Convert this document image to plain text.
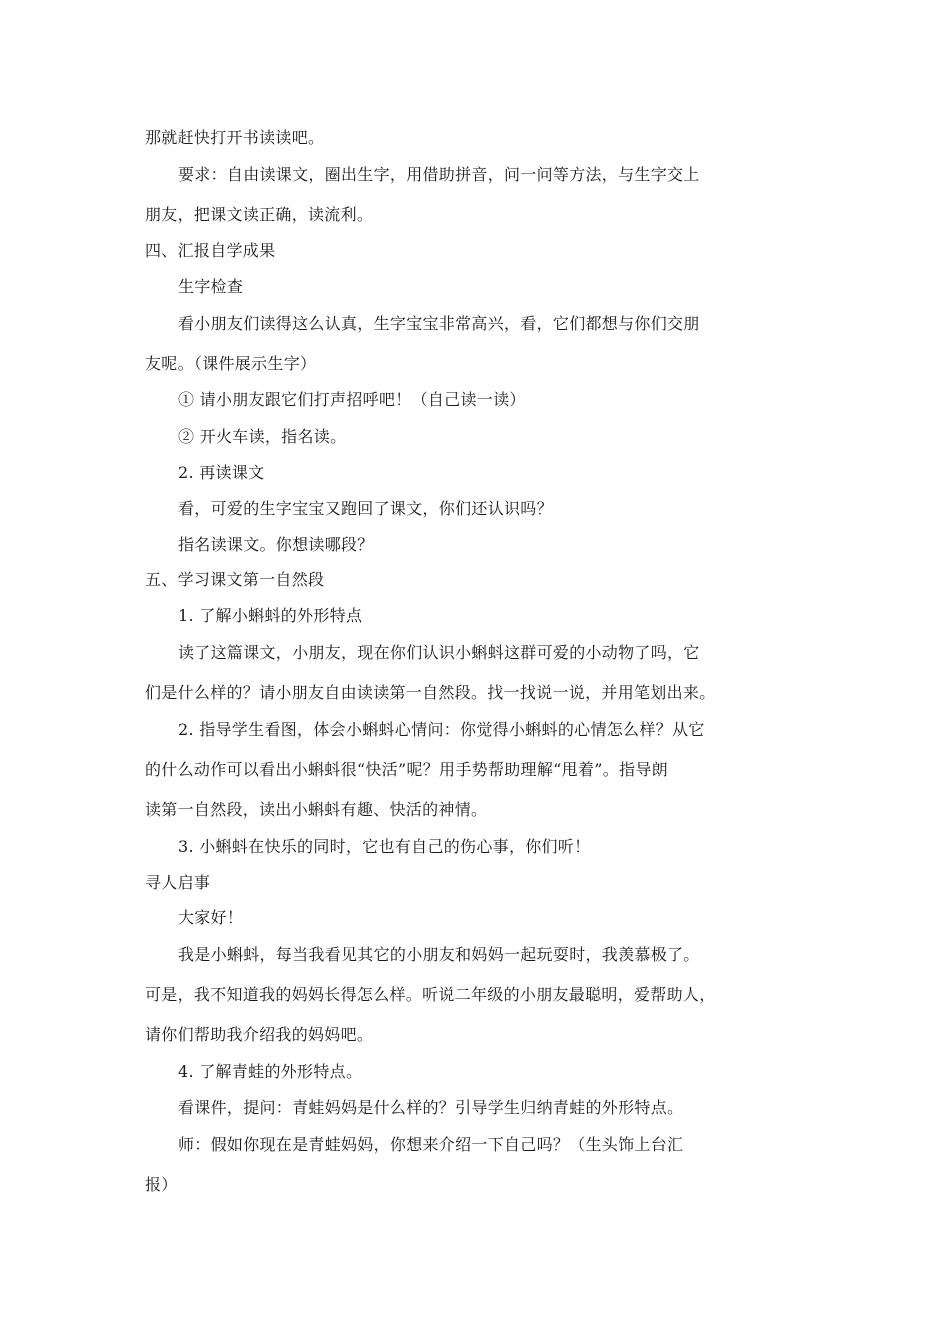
那就赶快打开书读读吧。
要求：自由读课文，圈出生字，用借助拼音，问一问等方法，与生字交上
朋友，把课文读正确，读流利。
四、汇报自学成果
生字检查
看小朋友们读得这么认真，生字宝宝非常高兴，看，它们都想与你们交朋
友呢。（课件展示生字）
① 请小朋友跟它们打声招呼吧！（自己读一读）
② 开火车读，指名读。
2. 再读课文
看，可爱的生字宝宝又跑回了课文，你们还认识吗？
指名读课文。你想读哪段？
五、学习课文第一自然段
1. 了解小蝌蚪的外形特点
读了这篇课文，小朋友，现在你们认识小蝌蚪这群可爱的小动物了吗，它
们是什么样的？请小朋友自由读读第一自然段。找一找说一说，并用笔划出来。
2. 指导学生看图，体会小蝌蚪心情问：你觉得小蝌蚪的心情怎么样？从它
的什么动作可以看出小蝌蚪很“快活”呢？用手势帮助理解“甩着”。指导朗
读第一自然段，读出小蝌蚪有趣、快活的神情。
3. 小蝌蚪在快乐的同时，它也有自己的伤心事，你们听！
寻人启事
大家好！
我是小蝌蚪，每当我看见其它的小朋友和妈妈一起玩耍时，我羡慕极了。
可是，我不知道我的妈妈长得怎么样。听说二年级的小朋友最聪明，爱帮助人，
请你们帮助我介绍我的妈妈吧。
4. 了解青蛙的外形特点。
看课件，提问：青蛙妈妈是什么样的？引导学生归纳青蛙的外形特点。
师：假如你现在是青蛙妈妈，你想来介绍一下自己吗？（生头饰上台汇
报）
